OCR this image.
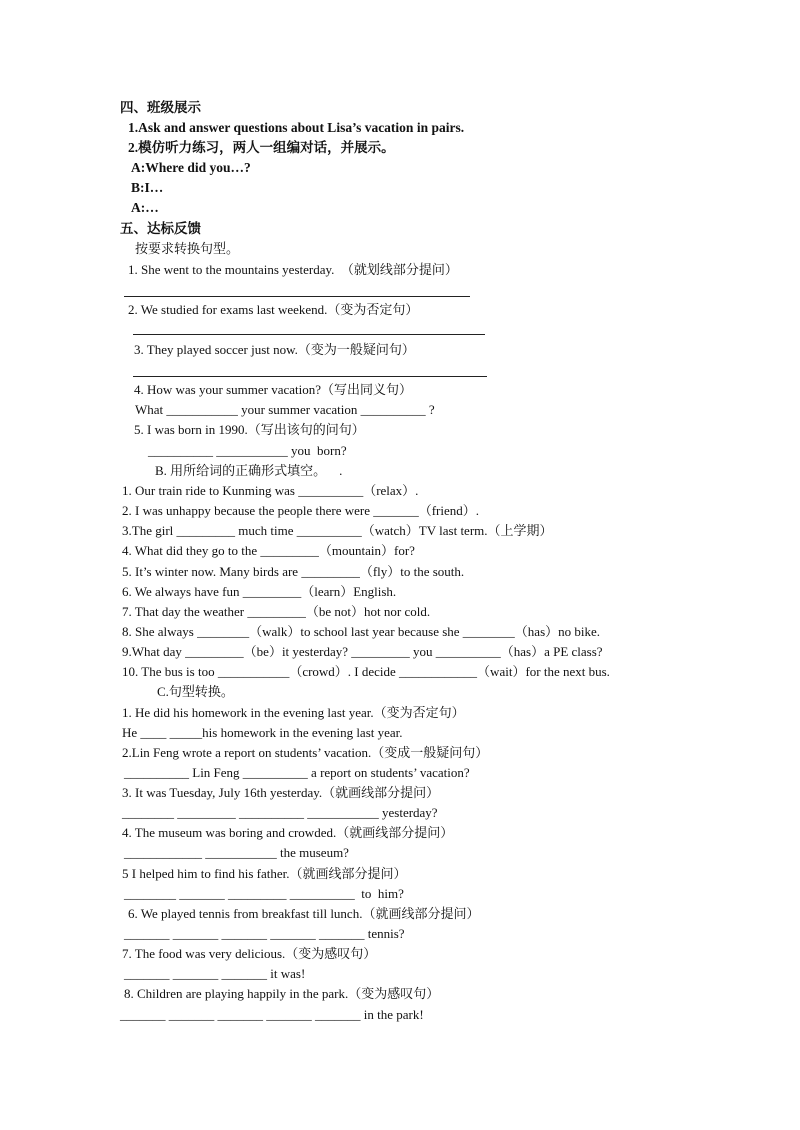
四、班级展示
1.Ask and answer questions about Lisa’s vacation in pairs.
2.模仿听力练习，两人一组编对话，并展示。
A:Where did you…?
B:I…
A:…
五、达标反馈
按要求转换句型。
1. She went to the mountains yesterday.  （就划线部分提问）
2. We studied for exams last weekend.（变为否定句）
3. They played soccer just now.（变为一般疑问句）
4. How was your summer vacation?（写出同义句）
What ___________ your summer vacation __________ ?
5. I was born in 1990.（写出该句的问句）
__________ ___________ you  born?
B. 用所给词的正确形式填空。    .
1. Our train ride to Kunming was __________（relax）.
2. I was unhappy because the people there were _______（friend）.
3.The girl _________ much time __________（watch）TV last term.（上学期）
4. What did they go to the _________（mountain）for?
5. It’s winter now. Many birds are _________（fly）to the south.
6. We always have fun _________（learn）English.
7. That day the weather _________（be not）hot nor cold.
8. She always ________（walk）to school last year because she ________（has）no bike.
9.What day _________（be）it yesterday? _________ you __________（has）a PE class?
10. The bus is too ___________（crowd）. I decide ____________（wait）for the next bus.
C.句型转换。
1. He did his homework in the evening last year.（变为否定句）
He ____ _____his homework in the evening last year.
2.Lin Feng wrote a report on students’ vacation.（变成一般疑问句）
__________ Lin Feng __________ a report on students’ vacation?
3. It was Tuesday, July 16th yesterday.（就画线部分提问）
________ _________ __________ ___________ yesterday?
4. The museum was boring and crowded.（就画线部分提问）
____________ ___________ the museum?
5 I helped him to find his father.（就画线部分提问）
________ _______ _________ __________  to  him?
6. We played tennis from breakfast till lunch.（就画线部分提问）
_______ _______ _______ _______ _______ tennis?
7. The food was very delicious.（变为感叹句）
_______ _______ _______ it was!
8. Children are playing happily in the park.（变为感叹句）
_______ _______ _______ _______ _______ in the park!
